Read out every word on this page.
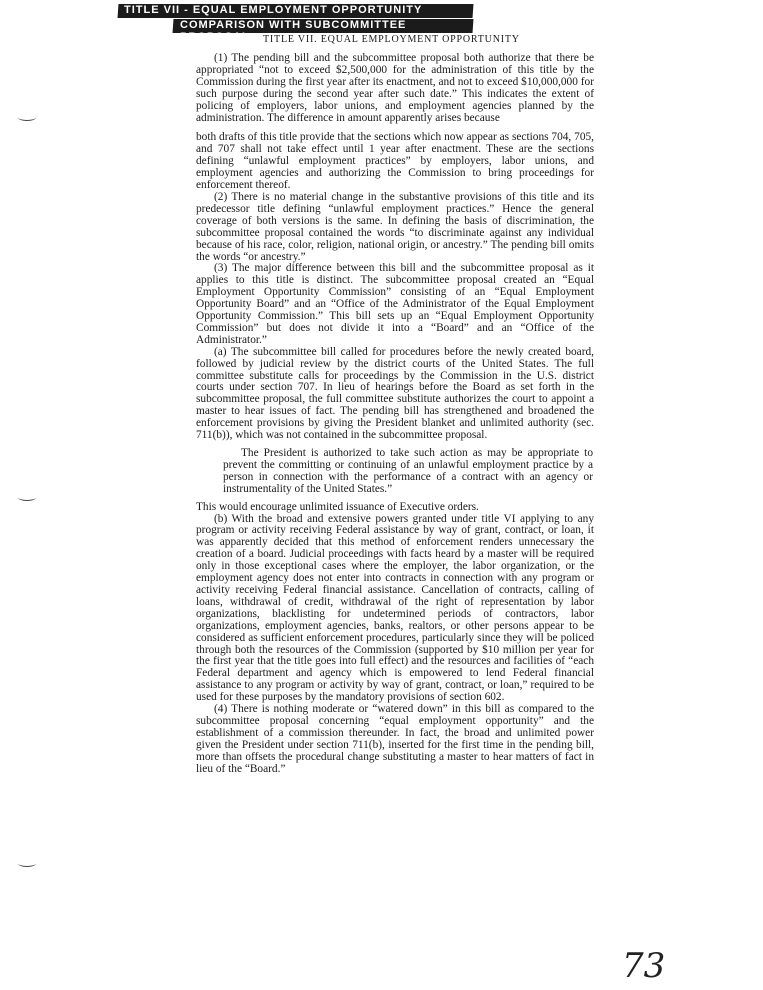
TITLE VII - EQUAL EMPLOYMENT OPPORTUNITY
COMPARISON WITH SUBCOMMITTEE PROPOSAL	TITLE VII. EQUAL EMPLOYMENT OPPORTUNITY

(1) The pending bill and the subcommittee proposal both authorize that there be appropriated “not to exceed $2,500,000 for the administration of this title by the Commission during the first year after its enactment, and not to exceed $10,000,000 for such purpose during the second year after such date.” This indicates the extent of policing of employers, labor unions, and employment agencies planned by the administration. The difference in amount apparently arises because

both drafts of this title provide that the sections which now appear as sections 704, 705, and 707 shall not take effect until 1 year after enactment. These are the sections defining “unlawful employment practices” by employers, labor unions, and employment agencies and authorizing the Commission to bring proceedings for enforcement thereof.

(2) There is no material change in the substantive provisions of this title and its predecessor title defining “unlawful employment practices.” Hence the general coverage of both versions is the same. In defining the basis of discrimination, the subcommittee proposal contained the words “to discriminate against any individual because of his race, color, religion, national origin, or ancestry.” The pending bill omits the words “or ancestry.”

(3) The major difference between this bill and the subcommittee proposal as it applies to this title is distinct. The subcommittee proposal created an “Equal Employment Opportunity Commission” consisting of an “Equal Employment Opportunity Board” and an “Office of the Administrator of the Equal Employment Opportunity Commission.” This bill sets up an “Equal Employment Opportunity Commission” but does not divide it into a “Board” and an “Office of the Administrator.”

(a) The subcommittee bill called for procedures before the newly created board, followed by judicial review by the district courts of the United States. The full committee substitute calls for proceedings by the Commission in the U.S. district courts under section 707. In lieu of hearings before the Board as set forth in the subcommittee proposal, the full committee substitute authorizes the court to appoint a master to hear issues of fact. The pending bill has strengthened and broadened the enforcement provisions by giving the President blanket and unlimited authority (sec. 711(b)), which was not contained in the subcommittee proposal.

The President is authorized to take such action as may be appropriate to prevent the committing or continuing of an unlawful employment practice by a person in connection with the performance of a contract with an agency or instrumentality of the United States.”

This would encourage unlimited issuance of Executive orders.

(b) With the broad and extensive powers granted under title VI applying to any program or activity receiving Federal assistance by way of grant, contract, or loan, it was apparently decided that this method of enforcement renders unnecessary the creation of a board. Judicial proceedings with facts heard by a master will be required only in those exceptional cases where the employer, the labor organization, or the employment agency does not enter into contracts in connection with any program or activity receiving Federal financial assistance. Cancellation of contracts, calling of loans, withdrawal of credit, withdrawal of the right of representation by labor organizations, blacklisting for undetermined periods of contractors, labor organizations, employment agencies, banks, realtors, or other persons appear to be considered as sufficient enforcement procedures, particularly since they will be policed through both the resources of the Commission (supported by $10 million per year for the first year that the title goes into full effect) and the resources and facilities of “each Federal department and agency which is empowered to lend Federal financial assistance to any program or activity by way of grant, contract, or loan,” required to be used for these purposes by the mandatory provisions of section 602.

(4) There is nothing moderate or “watered down” in this bill as compared to the subcommittee proposal concerning “equal employment opportunity” and the establishment of a commission thereunder. In fact, the broad and unlimited power given the President under section 711(b), inserted for the first time in the pending bill, more than offsets the procedural change substituting a master to hear matters of fact in lieu of the “Board.”

73
